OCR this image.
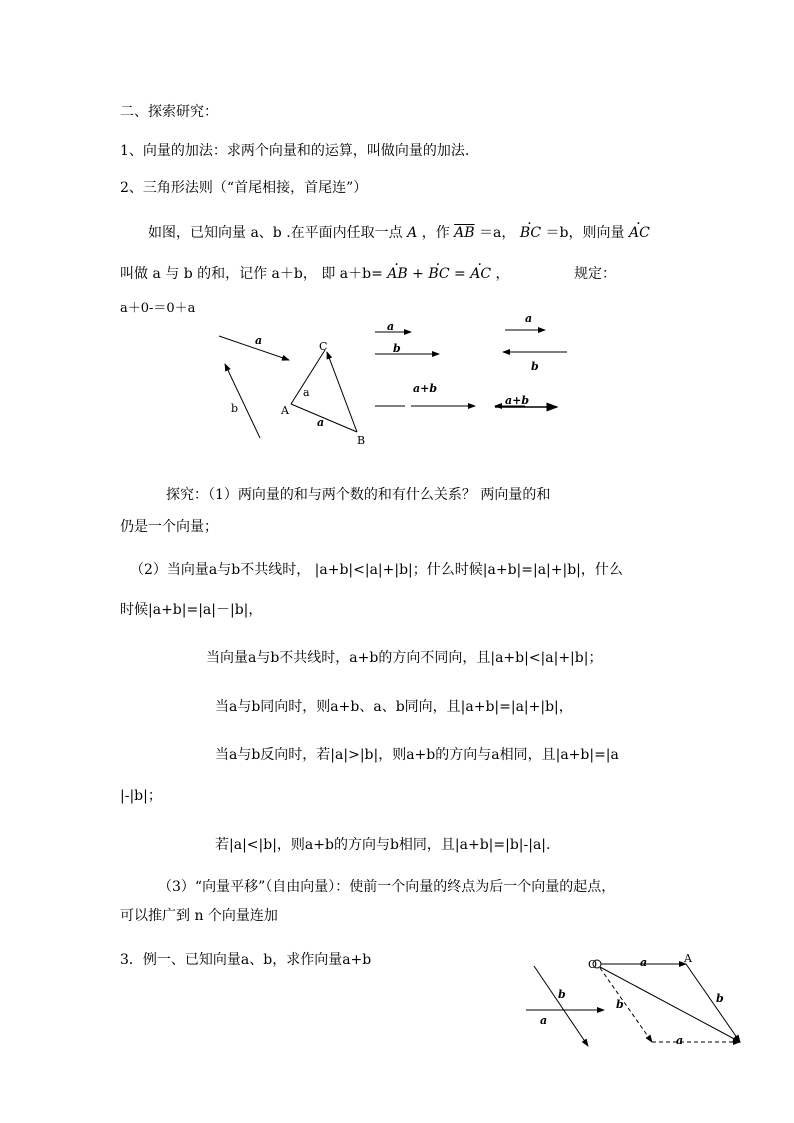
二、探索研究：
1、向量的加法：求两个向量和的运算，叫做向量的加法.
2、三角形法则（“首尾相接，首尾连”）
如图，已知向量 a、b .在平面内任取一点 A ，作 $\overline{AB} =a$， BC · ＝b，则向量 AC ·
叫做 a 与 b 的和，记作 a＋b， 即 a＋b= AB · + BC · = AC · ，	规定：
a＋0-＝0＋a
a
b
C
A
B
a
a
a
b
a+b
a
b
a+b
探究：（1）两向量的和与两个数的和有什么关系？ 两向量的和
仍是一个向量；
（2）当向量a与b不共线时， |a+b|<|a|+|b|；什么时候|a+b|=|a|+|b|，什么
时候|a+b|=|a|－|b|，
当向量a与b不共线时，a+b的方向不同向，且|a+b|<|a|+|b|；
当a与b同向时，则a+b、a、b同向，且|a+b|=|a|+|b|，
当a与b反向时，若|a|>|b|，则a+b的方向与a相同，且|a+b|=|a
|-|b|；
若|a|<|b|，则a+b的方向与b相同，且|a+b|=|b|-|a|.
（3）“向量平移”（自由向量）：使前一个向量的终点为后一个向量的起点，
可以推广到 n 个向量连加
3．例一、已知向量a、b，求作向量a+b
b
a
O	a	A
b
b
a
